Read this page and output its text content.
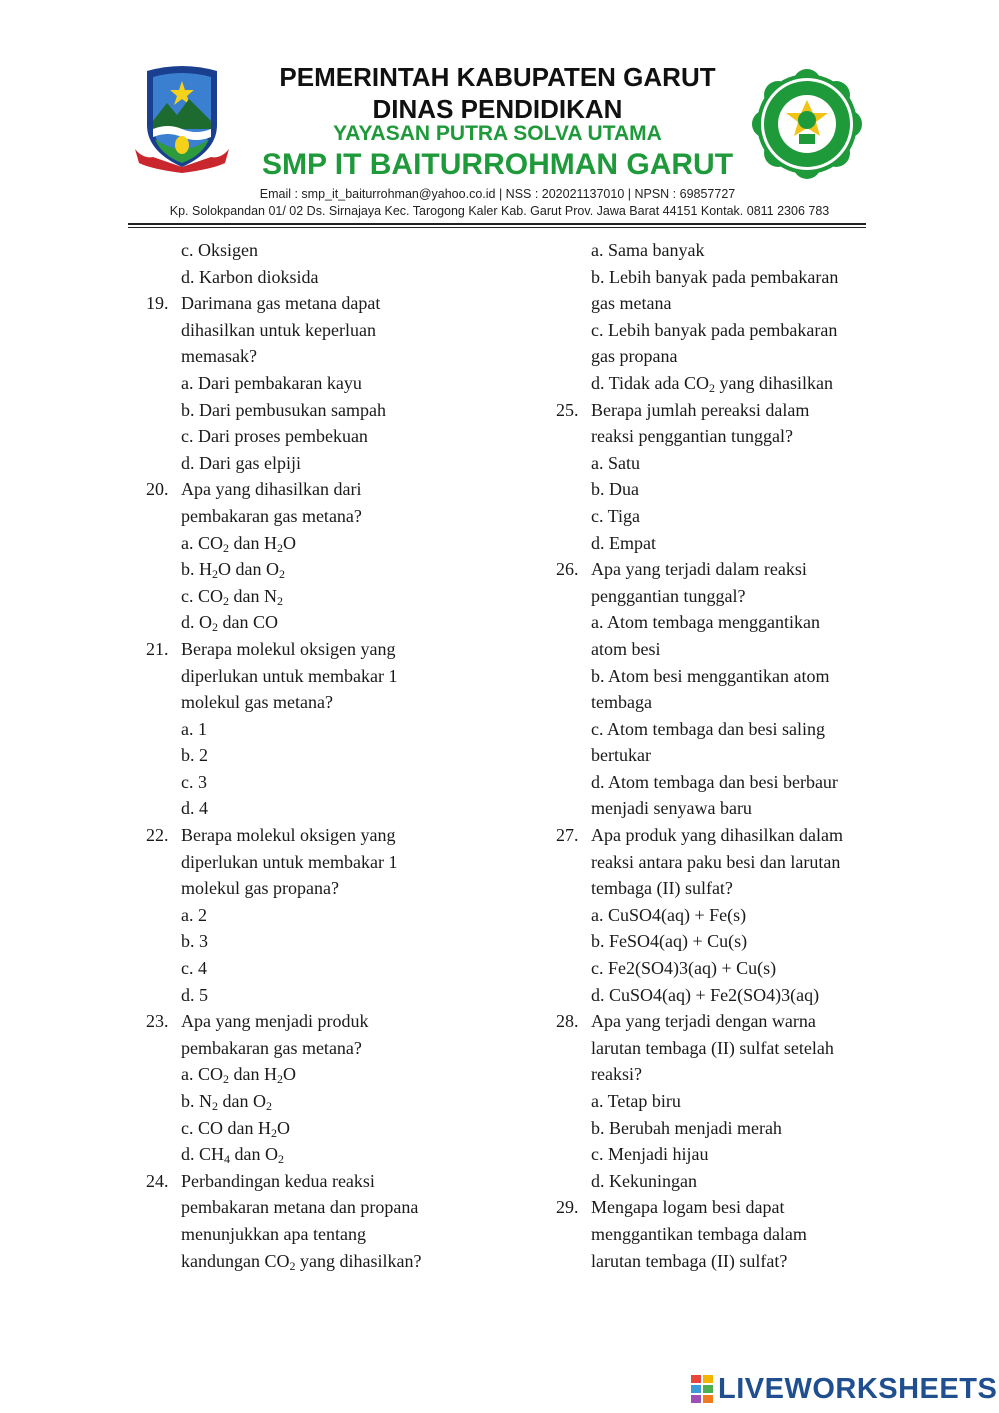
PEMERINTAH KABUPATEN GARUT
DINAS PENDIDIKAN
YAYASAN PUTRA SOLVA UTAMA
SMP IT BAITURROHMAN GARUT
Email : smp_it_baiturrohman@yahoo.co.id | NSS : 202021137010 | NPSN : 69857727
Kp. Solokpandan 01/ 02 Ds. Sirnajaya Kec. Tarogong Kaler Kab. Garut Prov. Jawa Barat 44151 Kontak. 0811 2306 783
c. Oksigen
d. Karbon dioksida
19. Darimana gas metana dapat
dihasilkan untuk keperluan
memasak?
a. Dari pembakaran kayu
b. Dari pembusukan sampah
c. Dari proses pembekuan
d. Dari gas elpiji
20. Apa yang dihasilkan dari
pembakaran gas metana?
a. $CO_2$ dan $H_2O$
b. $H_2O$ dan $O_2$
c. $CO_2$ dan $N_2$
d. $O_2$ dan CO
21. Berapa molekul oksigen yang
diperlukan untuk membakar 1
molekul gas metana?
a. 1
b. 2
c. 3
d. 4
22. Berapa molekul oksigen yang
diperlukan untuk membakar 1
molekul gas propana?
a. 2
b. 3
c. 4
d. 5
23. Apa yang menjadi produk
pembakaran gas metana?
a. $CO_2$ dan $H_2O$
b. $N_2$ dan $O_2$
c. CO dan $H_2O$
d. $CH_4$ dan $O_2$
24. Perbandingan kedua reaksi
pembakaran metana dan propana
menunjukkan apa tentang
kandungan $CO_2$ yang dihasilkan?
a. Sama banyak
b. Lebih banyak pada pembakaran
gas metana
c. Lebih banyak pada pembakaran
gas propana
d. Tidak ada $CO_2$ yang dihasilkan
25. Berapa jumlah pereaksi dalam
reaksi penggantian tunggal?
a. Satu
b. Dua
c. Tiga
d. Empat
26. Apa yang terjadi dalam reaksi
penggantian tunggal?
a. Atom tembaga menggantikan
atom besi
b. Atom besi menggantikan atom
tembaga
c. Atom tembaga dan besi saling
bertukar
d. Atom tembaga dan besi berbaur
menjadi senyawa baru
27. Apa produk yang dihasilkan dalam
reaksi antara paku besi dan larutan
tembaga (II) sulfat?
a. CuSO4(aq) + Fe(s)
b. FeSO4(aq) + Cu(s)
c. Fe2(SO4)3(aq) + Cu(s)
d. CuSO4(aq) + Fe2(SO4)3(aq)
28. Apa yang terjadi dengan warna
larutan tembaga (II) sulfat setelah
reaksi?
a. Tetap biru
b. Berubah menjadi merah
c. Menjadi hijau
d. Kekuningan
29. Mengapa logam besi dapat
menggantikan tembaga dalam
larutan tembaga (II) sulfat?
LIVEWORKSHEETS
